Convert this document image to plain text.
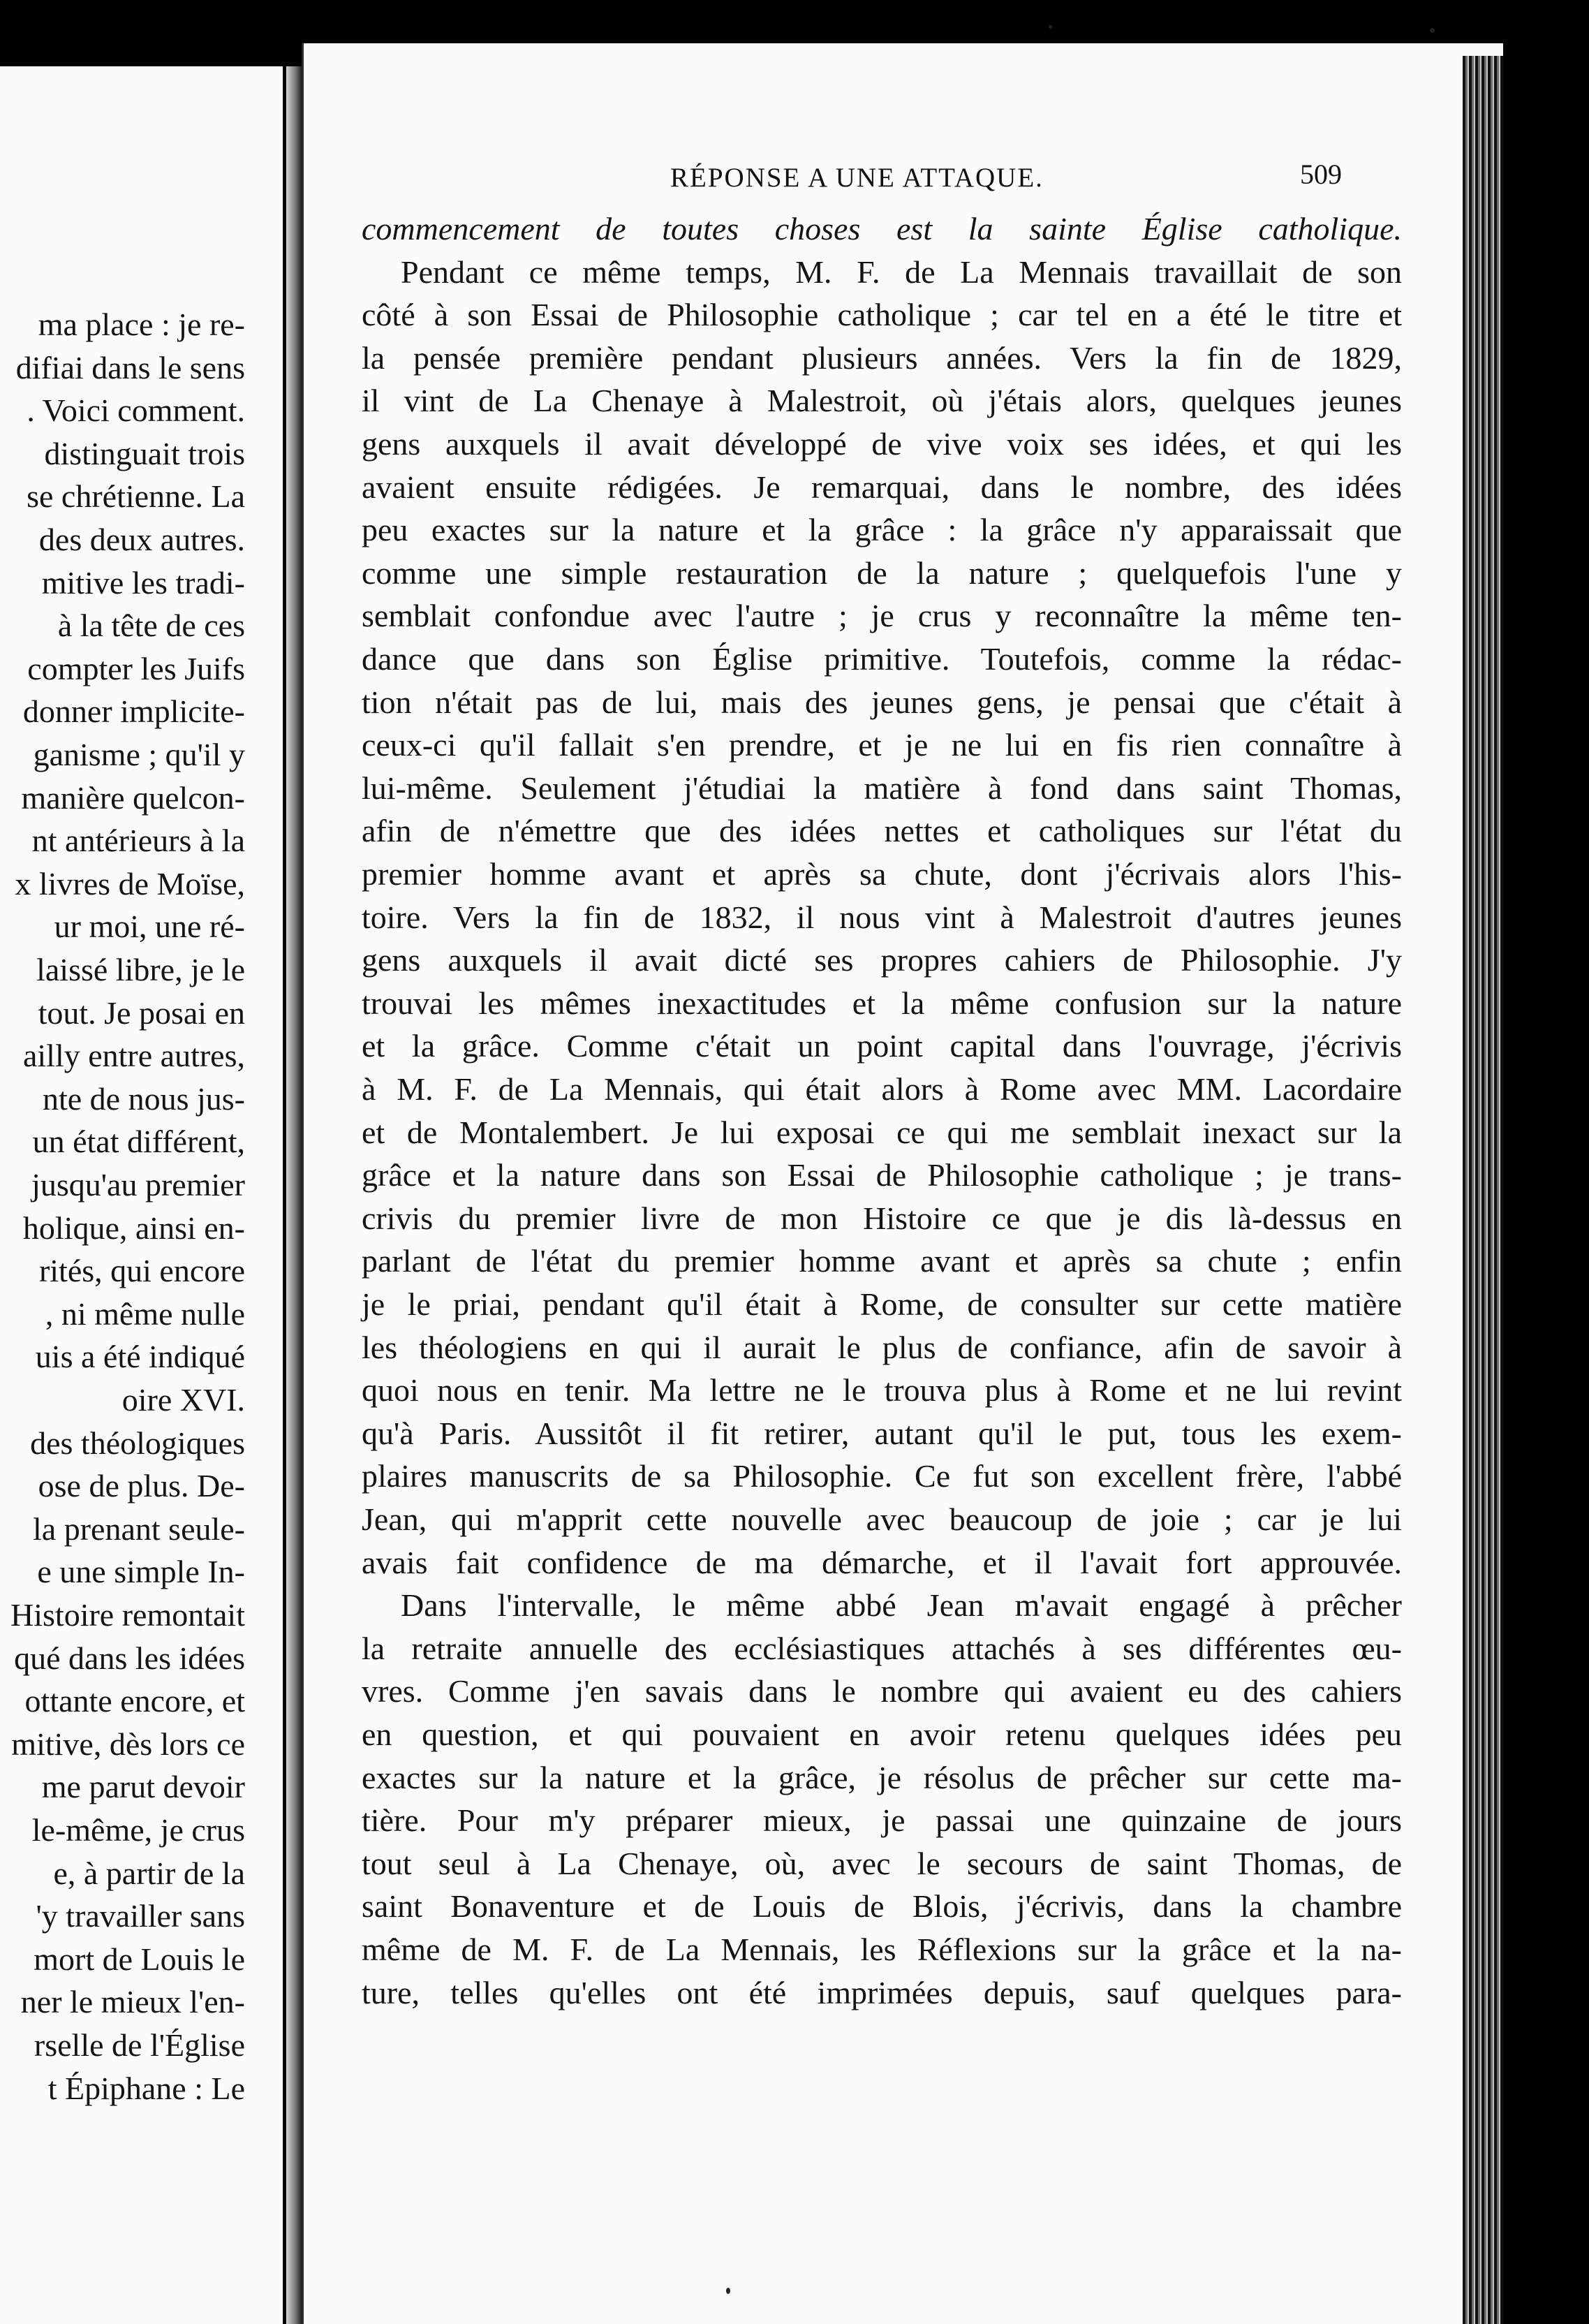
ma place : je re-
difiai dans le sens
. Voici comment.
distinguait trois
se chrétienne. La
des deux autres.
mitive les tradi-
à la tête de ces
compter les Juifs
donner implicite-
ganisme ; qu'il y
manière quelcon-
nt antérieurs à la
x livres de Moïse,
ur moi, une ré-
laissé libre, je le
tout. Je posai en
ailly entre autres,
nte de nous jus-
un état différent,
jusqu'au premier
holique, ainsi en-
rités, qui encore
, ni même nulle
uis a été indiqué
oire XVI.
des théologiques
ose de plus. De-
la prenant seule-
e une simple In-
Histoire remontait
qué dans les idées
ottante encore, et
mitive, dès lors ce
me parut devoir
le-même, je crus
e, à partir de la
'y travailler sans
mort de Louis le
ner le mieux l'en-
rselle de l'Église
t Épiphane : Le
RÉPONSE A UNE ATTAQUE.	509
commencement de toutes choses est la sainte Église catholique.
Pendant ce même temps, M. F. de La Mennais travaillait de son
côté à son Essai de Philosophie catholique ; car tel en a été le titre et
la pensée première pendant plusieurs années. Vers la fin de 1829,
il vint de La Chenaye à Malestroit, où j'étais alors, quelques jeunes
gens auxquels il avait développé de vive voix ses idées, et qui les
avaient ensuite rédigées. Je remarquai, dans le nombre, des idées
peu exactes sur la nature et la grâce : la grâce n'y apparaissait que
comme une simple restauration de la nature ; quelquefois l'une y
semblait confondue avec l'autre ; je crus y reconnaître la même ten-
dance que dans son Église primitive. Toutefois, comme la rédac-
tion n'était pas de lui, mais des jeunes gens, je pensai que c'était à
ceux-ci qu'il fallait s'en prendre, et je ne lui en fis rien connaître à
lui-même. Seulement j'étudiai la matière à fond dans saint Thomas,
afin de n'émettre que des idées nettes et catholiques sur l'état du
premier homme avant et après sa chute, dont j'écrivais alors l'his-
toire. Vers la fin de 1832, il nous vint à Malestroit d'autres jeunes
gens auxquels il avait dicté ses propres cahiers de Philosophie. J'y
trouvai les mêmes inexactitudes et la même confusion sur la nature
et la grâce. Comme c'était un point capital dans l'ouvrage, j'écrivis
à M. F. de La Mennais, qui était alors à Rome avec MM. Lacordaire
et de Montalembert. Je lui exposai ce qui me semblait inexact sur la
grâce et la nature dans son Essai de Philosophie catholique ; je trans-
crivis du premier livre de mon Histoire ce que je dis là-dessus en
parlant de l'état du premier homme avant et après sa chute ; enfin
je le priai, pendant qu'il était à Rome, de consulter sur cette matière
les théologiens en qui il aurait le plus de confiance, afin de savoir à
quoi nous en tenir. Ma lettre ne le trouva plus à Rome et ne lui revint
qu'à Paris. Aussitôt il fit retirer, autant qu'il le put, tous les exem-
plaires manuscrits de sa Philosophie. Ce fut son excellent frère, l'abbé
Jean, qui m'apprit cette nouvelle avec beaucoup de joie ; car je lui
avais fait confidence de ma démarche, et il l'avait fort approuvée.
Dans l'intervalle, le même abbé Jean m'avait engagé à prêcher
la retraite annuelle des ecclésiastiques attachés à ses différentes œu-
vres. Comme j'en savais dans le nombre qui avaient eu des cahiers
en question, et qui pouvaient en avoir retenu quelques idées peu
exactes sur la nature et la grâce, je résolus de prêcher sur cette ma-
tière. Pour m'y préparer mieux, je passai une quinzaine de jours
tout seul à La Chenaye, où, avec le secours de saint Thomas, de
saint Bonaventure et de Louis de Blois, j'écrivis, dans la chambre
même de M. F. de La Mennais, les Réflexions sur la grâce et la na-
ture, telles qu'elles ont été imprimées depuis, sauf quelques para-
